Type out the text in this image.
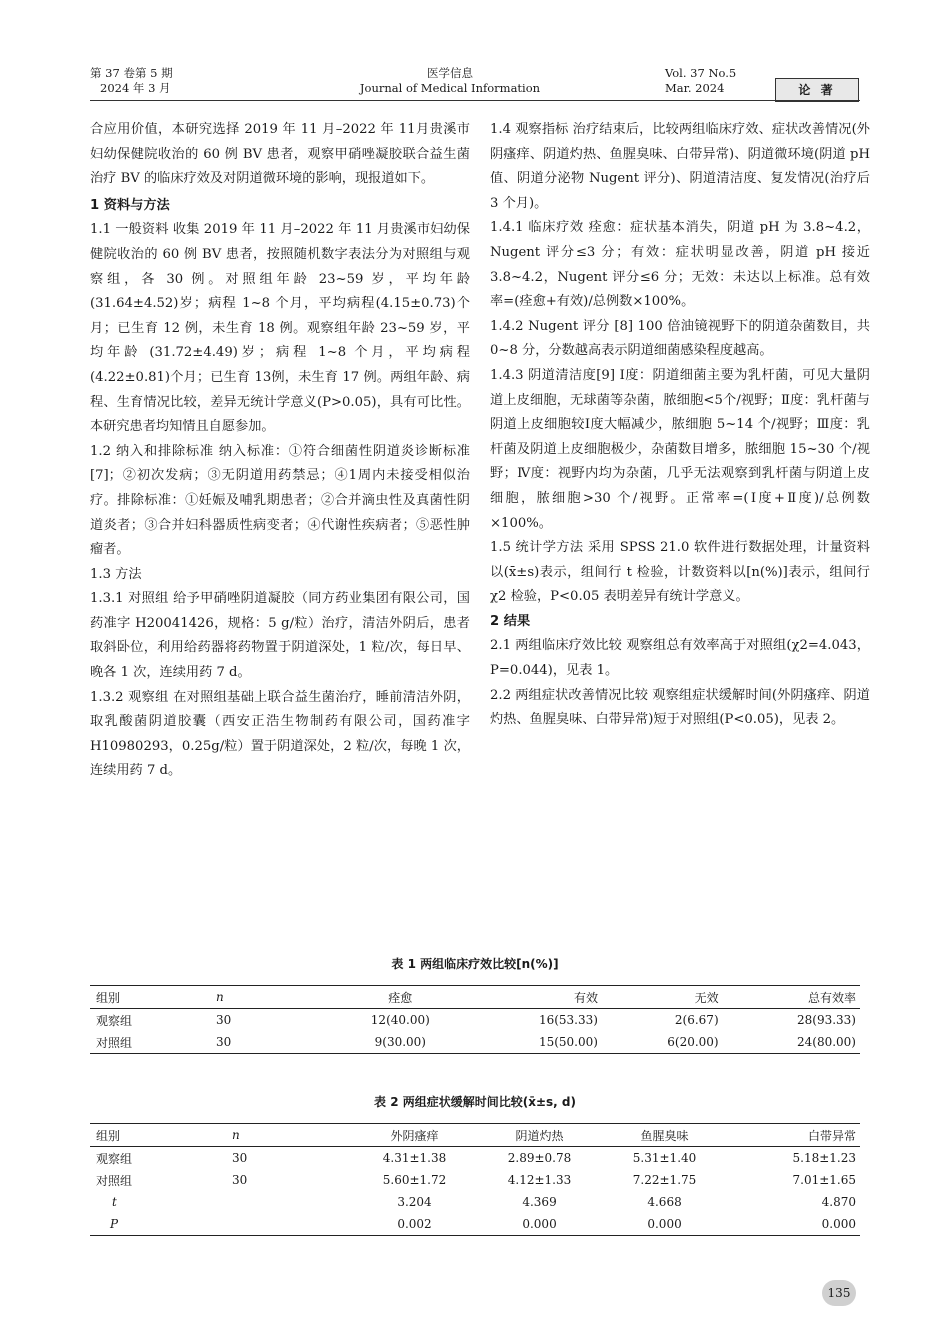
第 37 卷第 5 期
2024 年 3 月
医学信息
Journal of Medical Information
Vol. 37 No.5
Mar. 2024	论 著

合应用价值，本研究选择 2019 年 11 月–2022 年 11月贵溪市妇幼保健院收治的 60 例 BV 患者，观察甲硝唑凝胶联合益生菌治疗 BV 的临床疗效及对阴道微环境的影响，现报道如下。

1 资料与方法

1.1 一般资料 收集 2019 年 11 月–2022 年 11 月贵溪市妇幼保健院收治的 60 例 BV 患者，按照随机数字表法分为对照组与观察组，各 30 例。对照组年龄 23~59 岁，平均年龄(31.64±4.52)岁；病程 1~8 个月，平均病程(4.15±0.73)个月；已生育 12 例，未生育 18 例。观察组年龄 23~59 岁，平均年龄 (31.72±4.49)岁；病程 1~8 个月，平均病程(4.22±0.81)个月；已生育 13例，未生育 17 例。两组年龄、病程、生育情况比较，差异无统计学意义(P>0.05)，具有可比性。本研究患者均知情且自愿参加。

1.2 纳入和排除标准 纳入标准：①符合细菌性阴道炎诊断标准[7]；②初次发病；③无阴道用药禁忌；④1周内未接受相似治疗。排除标准：①妊娠及哺乳期患者；②合并滴虫性及真菌性阴道炎者；③合并妇科器质性病变者；④代谢性疾病者；⑤恶性肿瘤者。

1.3 方法

1.3.1 对照组 给予甲硝唑阴道凝胶（同方药业集团有限公司，国药准字 H20041426，规格：5 g/粒）治疗，清洁外阴后，患者取斜卧位，利用给药器将药物置于阴道深处，1 粒/次，每日早、晚各 1 次，连续用药 7 d。

1.3.2 观察组 在对照组基础上联合益生菌治疗，睡前清洁外阴，取乳酸菌阴道胶囊（西安正浩生物制药有限公司，国药准字 H10980293，0.25g/粒）置于阴道深处，2 粒/次，每晚 1 次，连续用药 7 d。

1.4 观察指标 治疗结束后，比较两组临床疗效、症状改善情况(外阴瘙痒、阴道灼热、鱼腥臭味、白带异常)、阴道微环境(阴道 pH 值、阴道分泌物 Nugent 评分)、阴道清洁度、复发情况(治疗后 3 个月)。

1.4.1 临床疗效 痊愈：症状基本消失，阴道 pH 为 3.8~4.2，Nugent 评分≤3 分；有效：症状明显改善，阴道 pH 接近 3.8~4.2，Nugent 评分≤6 分；无效：未达以上标准。总有效率=(痊愈+有效)/总例数×100%。

1.4.2 Nugent 评分 [8] 100 倍油镜视野下的阴道杂菌数目，共 0~8 分，分数越高表示阴道细菌感染程度越高。

1.4.3 阴道清洁度[9] Ⅰ度：阴道细菌主要为乳杆菌，可见大量阴道上皮细胞，无球菌等杂菌，脓细胞<5个/视野；Ⅱ度：乳杆菌与阴道上皮细胞较Ⅰ度大幅减少，脓细胞 5~14 个/视野；Ⅲ度：乳杆菌及阴道上皮细胞极少，杂菌数目增多，脓细胞 15~30 个/视野；Ⅳ度：视野内均为杂菌，几乎无法观察到乳杆菌与阴道上皮细胞，脓细胞>30 个/视野。正常率=(Ⅰ度+Ⅱ度)/总例数×100%。

1.5 统计学方法 采用 SPSS 21.0 软件进行数据处理，计量资料以(x̄±s)表示，组间行 t 检验，计数资料以[n(%)]表示，组间行 χ2 检验，P<0.05 表明差异有统计学意义。

2 结果

2.1 两组临床疗效比较 观察组总有效率高于对照组(χ2=4.043，P=0.044)，见表 1。

2.2 两组症状改善情况比较 观察组症状缓解时间(外阴瘙痒、阴道灼热、鱼腥臭味、白带异常)短于对照组(P<0.05)，见表 2。

表 1 两组临床疗效比较[n(%)]
组别	n	痊愈	有效	无效	总有效率
观察组	30	12(40.00)	16(53.33)	2(6.67)	28(93.33)
对照组	30	9(30.00)	15(50.00)	6(20.00)	24(80.00)
表 2 两组症状缓解时间比较(x̄±s, d)
组别	n	外阴瘙痒	阴道灼热	鱼腥臭味	白带异常
观察组	30	4.31±1.38	2.89±0.78	5.31±1.40	5.18±1.23
对照组	30	5.60±1.72	4.12±1.33	7.22±1.75	7.01±1.65
t		3.204	4.369	4.668	4.870
P		0.002	0.000	0.000	0.000
135
